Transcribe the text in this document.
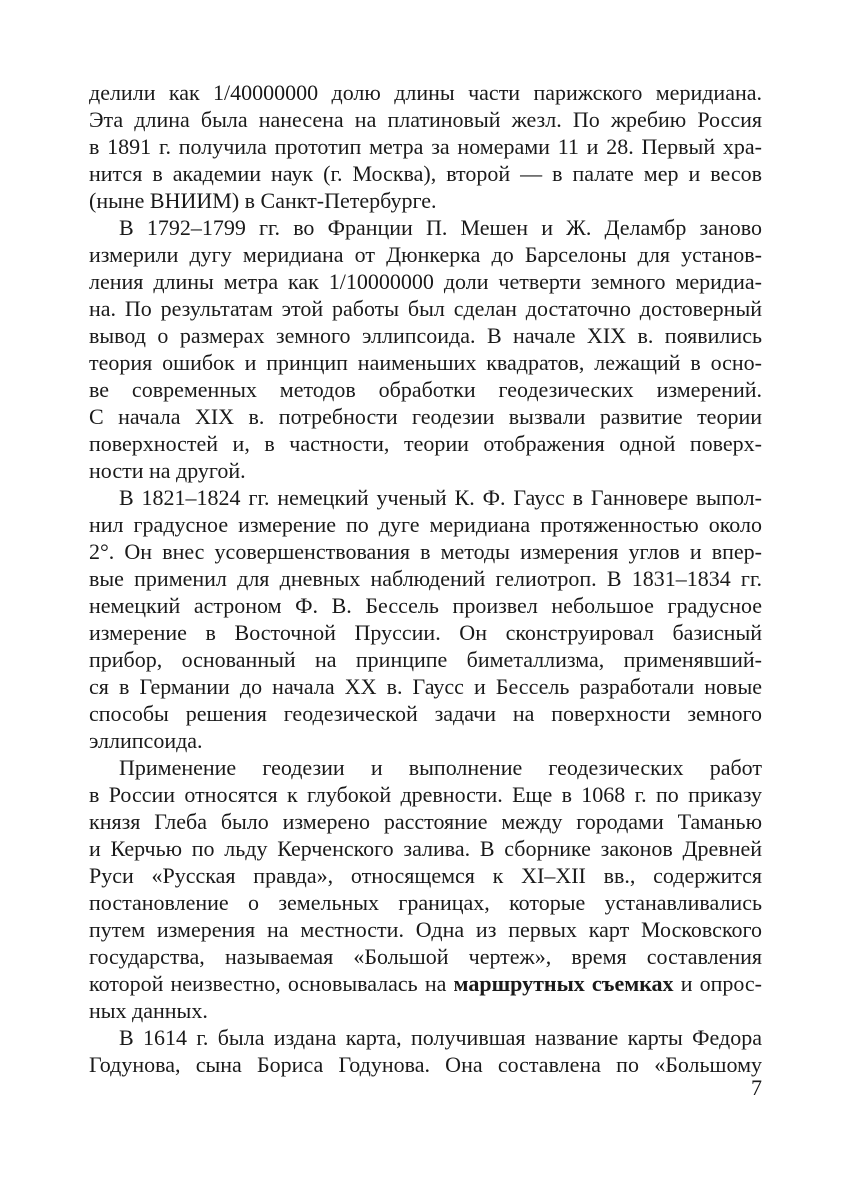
делили как 1/40000000 долю длины части парижского меридиана.
Эта длина была нанесена на платиновый жезл. По жребию Россия
в 1891 г. получила прототип метра за номерами 11 и 28. Первый хра-
нится в академии наук (г. Москва), второй — в палате мер и весов
(ныне ВНИИМ) в Санкт-Петербурге.
В 1792–1799 гг. во Франции П. Мешен и Ж. Деламбр заново
измерили дугу меридиана от Дюнкерка до Барселоны для установ-
ления длины метра как 1/10000000 доли четверти земного меридиа-
на. По результатам этой работы был сделан достаточно достоверный
вывод о размерах земного эллипсоида. В начале XIX в. появились
теория ошибок и принцип наименьших квадратов, лежащий в осно-
ве современных методов обработки геодезических измерений.
С начала XIX в. потребности геодезии вызвали развитие теории
поверхностей и, в частности, теории отображения одной поверх-
ности на другой.
В 1821–1824 гг. немецкий ученый К. Ф. Гаусс в Ганновере выпол-
нил градусное измерение по дуге меридиана протяженностью около
2°. Он внес усовершенствования в методы измерения углов и впер-
вые применил для дневных наблюдений гелиотроп. В 1831–1834 гг.
немецкий астроном Ф. В. Бессель произвел небольшое градусное
измерение в Восточной Пруссии. Он сконструировал базисный
прибор, основанный на принципе биметаллизма, применявший-
ся в Германии до начала XX в. Гаусс и Бессель разработали новые
способы решения геодезической задачи на поверхности земного
эллипсоида.
Применение геодезии и выполнение геодезических работ
в России относятся к глубокой древности. Еще в 1068 г. по приказу
князя Глеба было измерено расстояние между городами Таманью
и Керчью по льду Керченского залива. В сборнике законов Древней
Руси «Русская правда», относящемся к XI–XII вв., содержится
постановление о земельных границах, которые устанавливались
путем измерения на местности. Одна из первых карт Московского
государства, называемая «Большой чертеж», время составления
которой неизвестно, основывалась на маршрутных съемках и опрос-
ных данных.
В 1614 г. была издана карта, получившая название карты Федора
Годунова, сына Бориса Годунова. Она составлена по «Большому
7
